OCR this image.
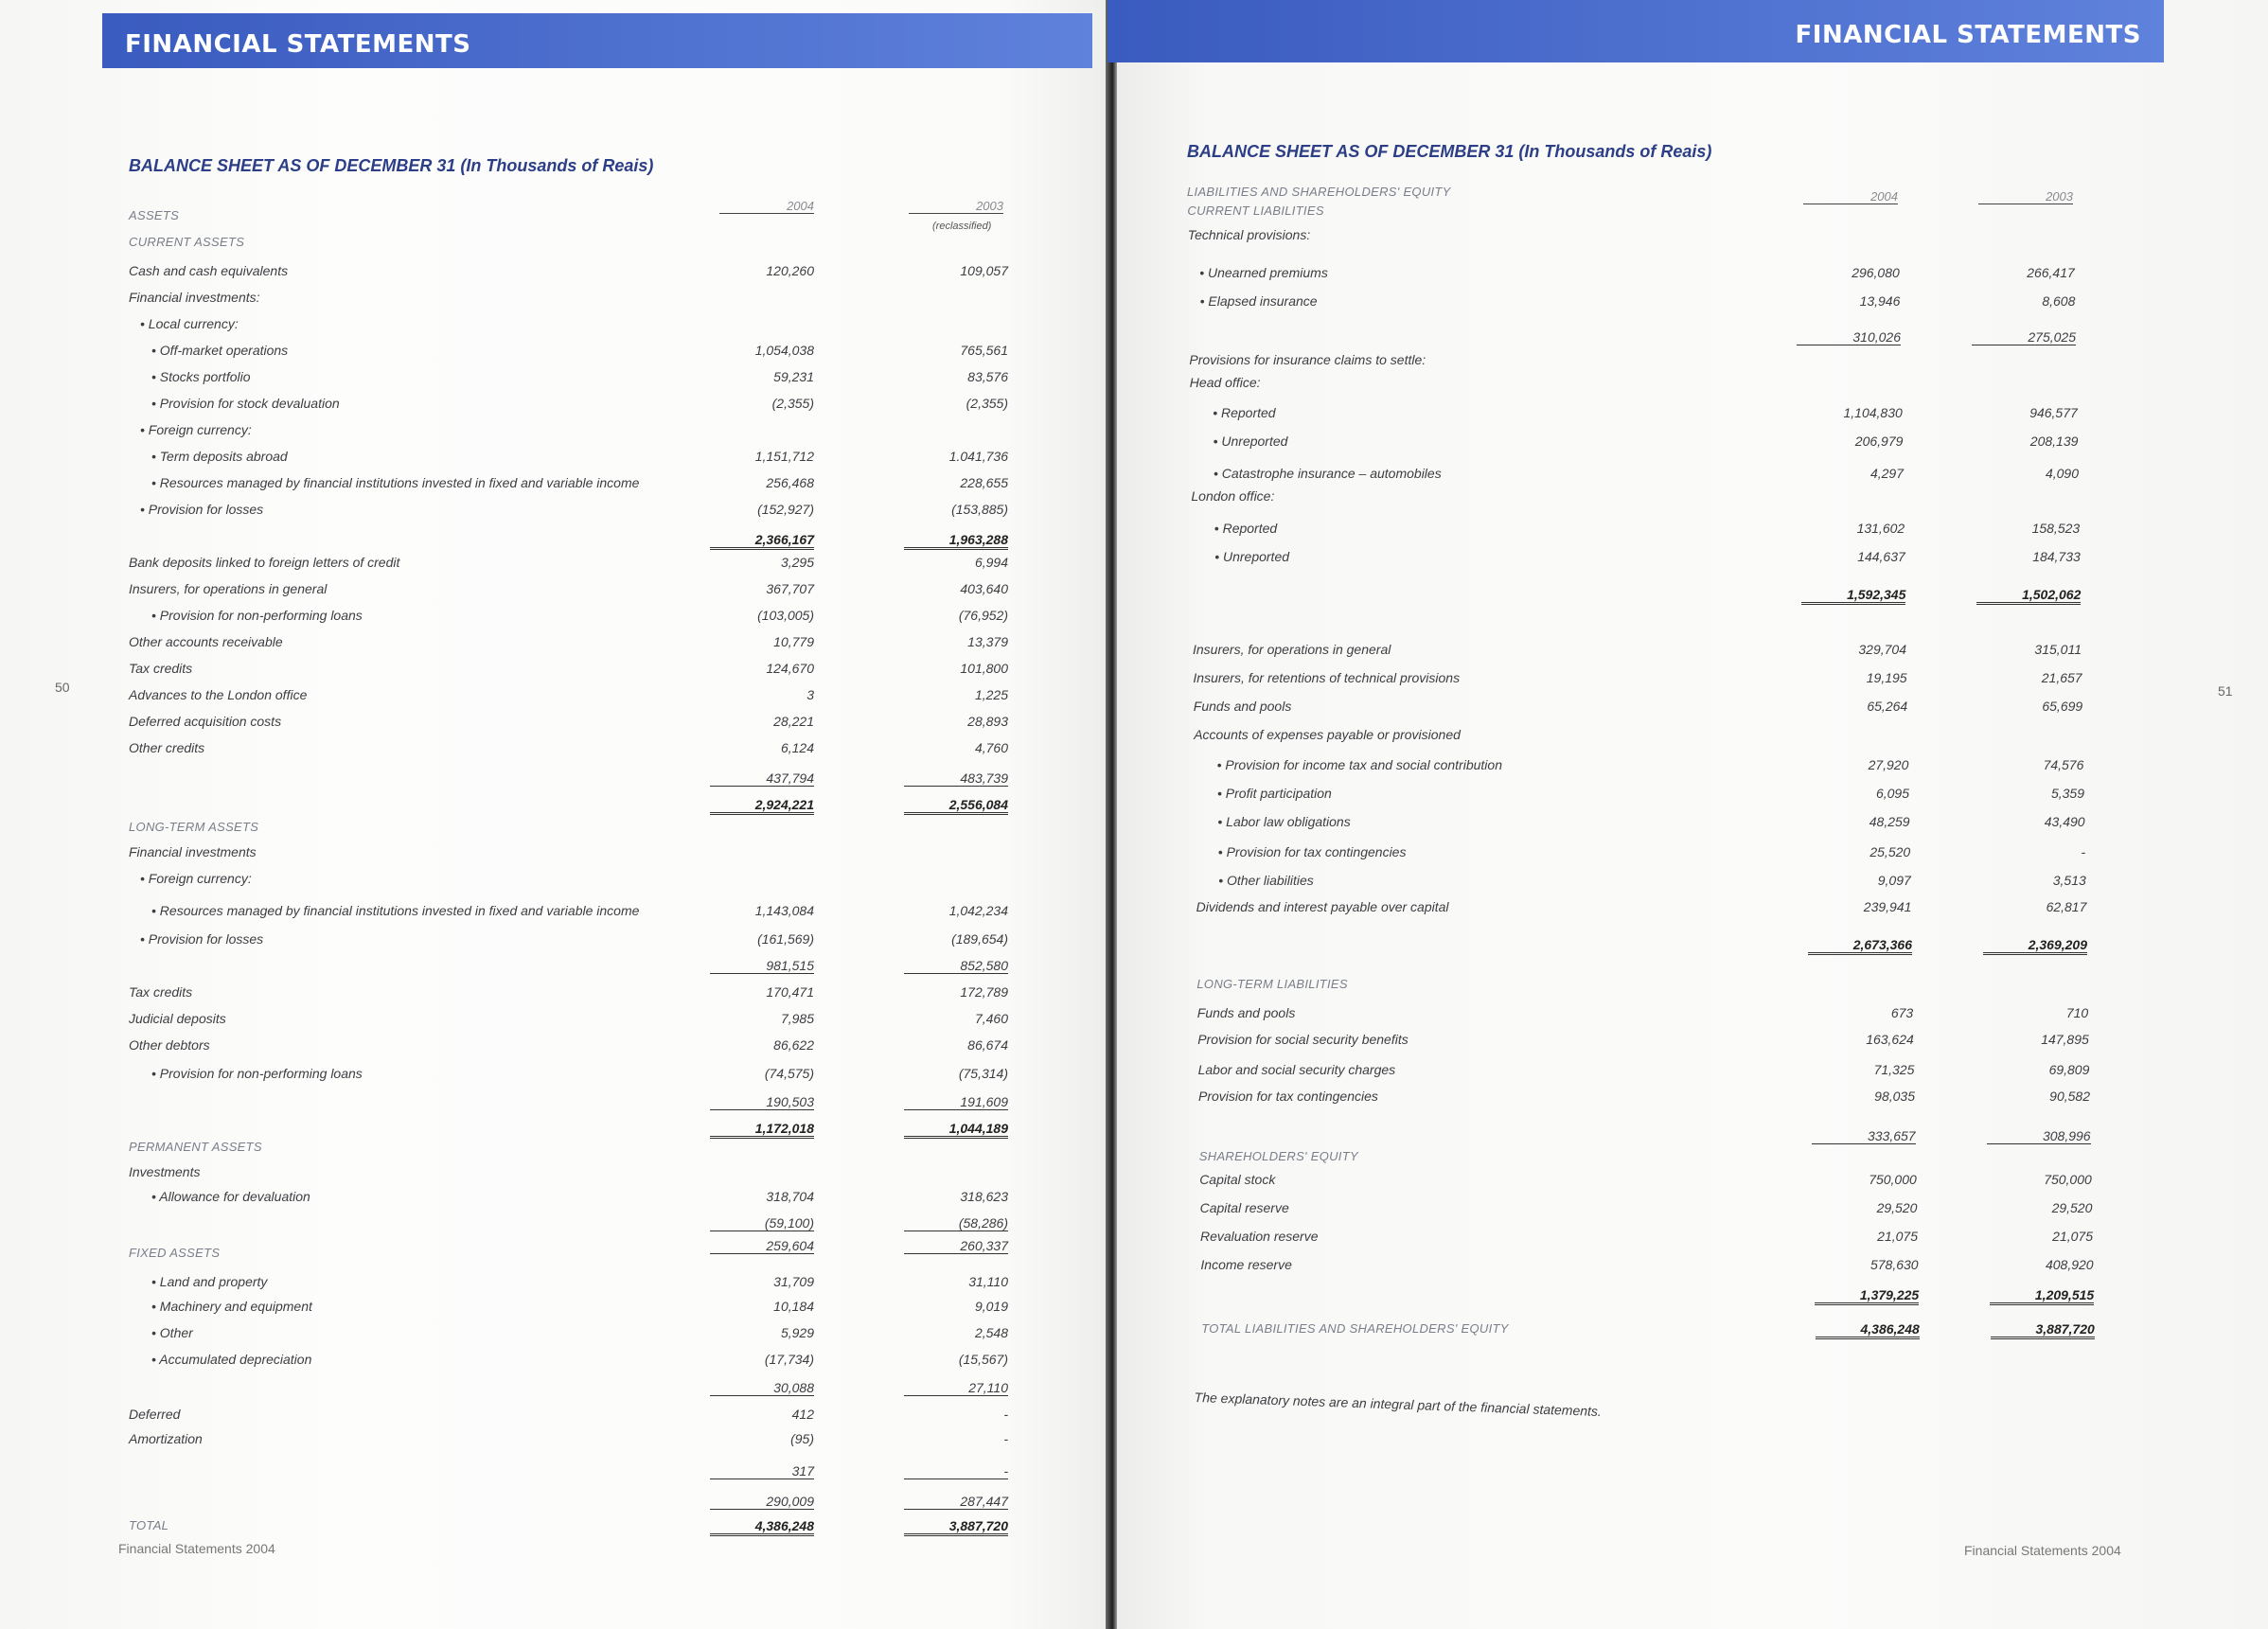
FINANCIAL STATEMENTS
BALANCE SHEET AS OF DECEMBER 31 (In Thousands of Reais)
2004	2003
(reclassified)
ASSETS
CURRENT ASSETS
Cash and cash equivalents	120,260	109,057
Financial investments:
• Local currency:
• Off-market operations	1,054,038	765,561
• Stocks portfolio	59,231	83,576
• Provision for stock devaluation	(2,355)	(2,355)
• Foreign currency:
• Term deposits abroad	1,151,712	1.041,736
• Resources managed by financial institutions invested in fixed and variable income	256,468	228,655
• Provision for losses	(152,927)	(153,885)
2,366,167	1,963,288
Bank deposits linked to foreign letters of credit	3,295	6,994
Insurers, for operations in general	367,707	403,640
• Provision for non-performing loans	(103,005)	(76,952)
Other accounts receivable	10,779	13,379
Tax credits	124,670	101,800
Advances to the London office	3	1,225
Deferred acquisition costs	28,221	28,893
Other credits	6,124	4,760
437,794	483,739
2,924,221	2,556,084
LONG-TERM ASSETS
Financial investments
• Foreign currency:
• Resources managed by financial institutions invested in fixed and variable income	1,143,084	1,042,234
• Provision for losses	(161,569)	(189,654)
981,515	852,580
Tax credits	170,471	172,789
Judicial deposits	7,985	7,460
Other debtors	86,622	86,674
• Provision for non-performing loans	(74,575)	(75,314)
190,503	191,609
1,172,018	1,044,189
PERMANENT ASSETS
Investments
• Allowance for devaluation	318,704	318,623
(59,100)	(58,286)
259,604	260,337
FIXED ASSETS
• Land and property	31,709	31,110
• Machinery and equipment	10,184	9,019
• Other	5,929	2,548
• Accumulated depreciation	(17,734)	(15,567)
30,088	27,110
Deferred	412	-
Amortization	(95)	-
317	-
290,009	287,447
TOTAL	4,386,248	3,887,720
50
Financial Statements 2004
FINANCIAL STATEMENTS
BALANCE SHEET AS OF DECEMBER 31 (In Thousands of Reais)
2004	2003
LIABILITIES AND SHAREHOLDERS' EQUITY
CURRENT LIABILITIES
Technical provisions:
• Unearned premiums	296,080	266,417
• Elapsed insurance	13,946	8,608
310,026	275,025
Provisions for insurance claims to settle:
Head office:
• Reported	1,104,830	946,577
• Unreported	206,979	208,139
• Catastrophe insurance – automobiles	4,297	4,090
London office:
• Reported	131,602	158,523
• Unreported	144,637	184,733
1,592,345	1,502,062
Insurers, for operations in general	329,704	315,011
Insurers, for retentions of technical provisions	19,195	21,657
Funds and pools	65,264	65,699
Accounts of expenses payable or provisioned
• Provision for income tax and social contribution	27,920	74,576
• Profit participation	6,095	5,359
• Labor law obligations	48,259	43,490
• Provision for tax contingencies	25,520	-
• Other liabilities	9,097	3,513
Dividends and interest payable over capital	239,941	62,817
2,673,366	2,369,209
LONG-TERM LIABILITIES
Funds and pools	673	710
Provision for social security benefits	163,624	147,895
Labor and social security charges	71,325	69,809
Provision for tax contingencies	98,035	90,582
333,657	308,996
SHAREHOLDERS' EQUITY
Capital stock	750,000	750,000
Capital reserve	29,520	29,520
Revaluation reserve	21,075	21,075
Income reserve	578,630	408,920
1,379,225	1,209,515
TOTAL LIABILITIES AND SHAREHOLDERS' EQUITY	4,386,248	3,887,720
The explanatory notes are an integral part of the financial statements.
51
Financial Statements 2004
